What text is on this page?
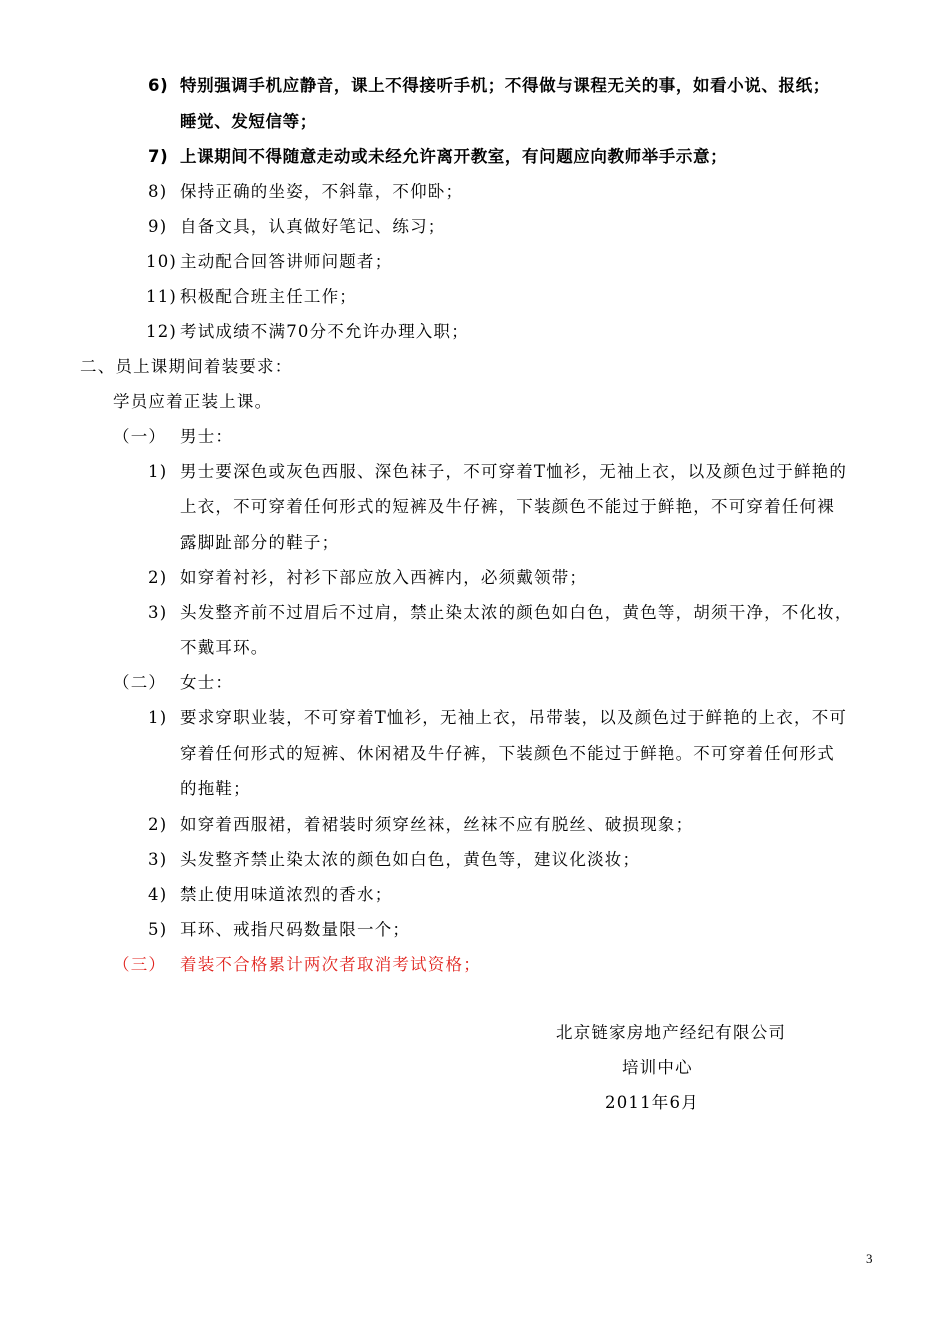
6) 特别强调手机应静音，课上不得接听手机；不得做与课程无关的事，如看小说、报纸；
睡觉、发短信等；
7) 上课期间不得随意走动或未经允许离开教室，有问题应向教师举手示意；
8) 保持正确的坐姿，不斜靠，不仰卧；
9) 自备文具，认真做好笔记、练习；
10) 主动配合回答讲师问题者；
11) 积极配合班主任工作；
12) 考试成绩不满70分不允许办理入职；
二、员上课期间着装要求：
学员应着正装上课。
（一） 男士：
1) 男士要深色或灰色西服、深色袜子，不可穿着T恤衫，无袖上衣，以及颜色过于鲜艳的
上衣，不可穿着任何形式的短裤及牛仔裤，下装颜色不能过于鲜艳，不可穿着任何裸
露脚趾部分的鞋子；
2) 如穿着衬衫，衬衫下部应放入西裤内，必须戴领带；
3) 头发整齐前不过眉后不过肩，禁止染太浓的颜色如白色，黄色等，胡须干净，不化妆，
不戴耳环。
（二） 女士：
1) 要求穿职业装，不可穿着T恤衫，无袖上衣，吊带装，以及颜色过于鲜艳的上衣，不可
穿着任何形式的短裤、休闲裙及牛仔裤，下装颜色不能过于鲜艳。不可穿着任何形式
的拖鞋；
2) 如穿着西服裙，着裙装时须穿丝袜，丝袜不应有脱丝、破损现象；
3) 头发整齐禁止染太浓的颜色如白色，黄色等，建议化淡妆；
4) 禁止使用味道浓烈的香水；
5) 耳环、戒指尺码数量限一个；
（三） 着装不合格累计两次者取消考试资格；
北京链家房地产经纪有限公司
培训中心
2011年6月
3
